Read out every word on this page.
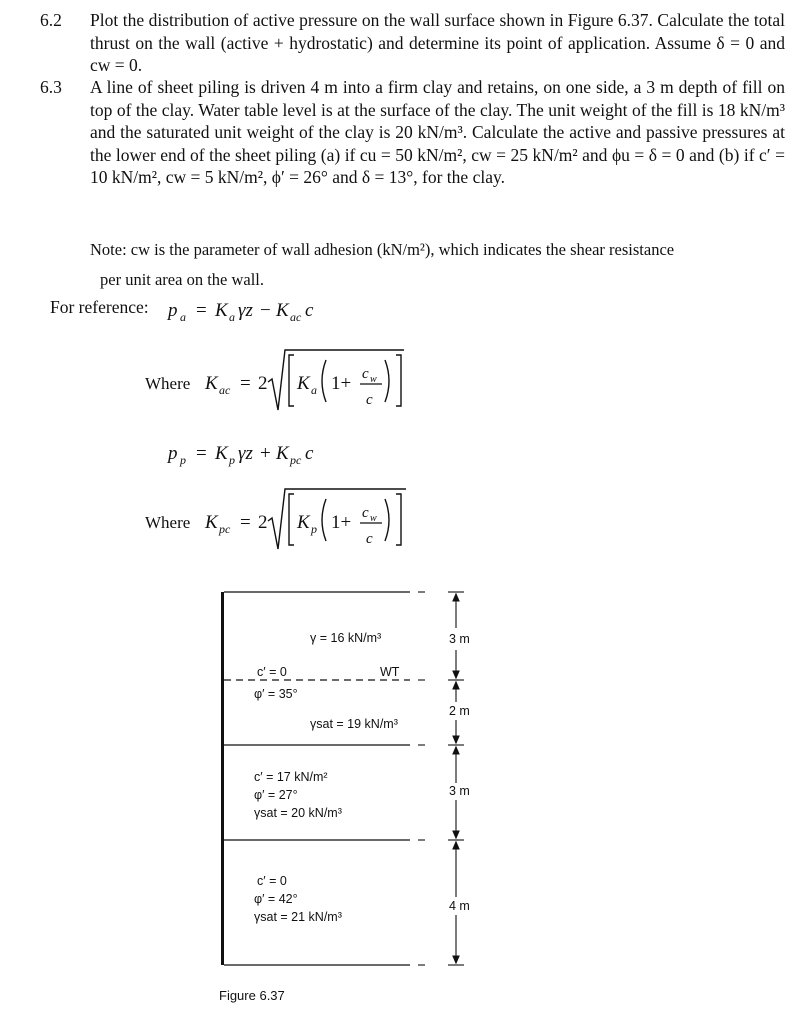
6.2 Plot the distribution of active pressure on the wall surface shown in Figure 6.37. Calculate the total thrust on the wall (active + hydrostatic) and determine its point of application. Assume δ = 0 and cw = 0.
6.3 A line of sheet piling is driven 4 m into a firm clay and retains, on one side, a 3 m depth of fill on top of the clay. Water table level is at the surface of the clay. The unit weight of the fill is 18 kN/m³ and the saturated unit weight of the clay is 20 kN/m³. Calculate the active and passive pressures at the lower end of the sheet piling (a) if cu = 50 kN/m², cw = 25 kN/m² and ϕu = δ = 0 and (b) if c′ = 10 kN/m², cw = 5 kN/m², ϕ′ = 26° and δ = 13°, for the clay.
Note: cw is the parameter of wall adhesion (kN/m²), which indicates the shear resistance
per unit area on the wall.
For reference: p a = K a γz − K ac c
Where K ac = 2 K a 1+ c w
c
p p = K p γz + K pc c
Where K pc = 2 K p 1+ c w
c
γ = 16 kN/m³	3 m
WT
c′ = 0
φ′ = 35°
γsat = 19 kN/m³
2 m
c′ = 17 kN/m²
φ′ = 27°
γsat = 20 kN/m³
3 m
c′ = 0
φ′ = 42°
γsat = 21 kN/m³
4 m
Figure 6.37
